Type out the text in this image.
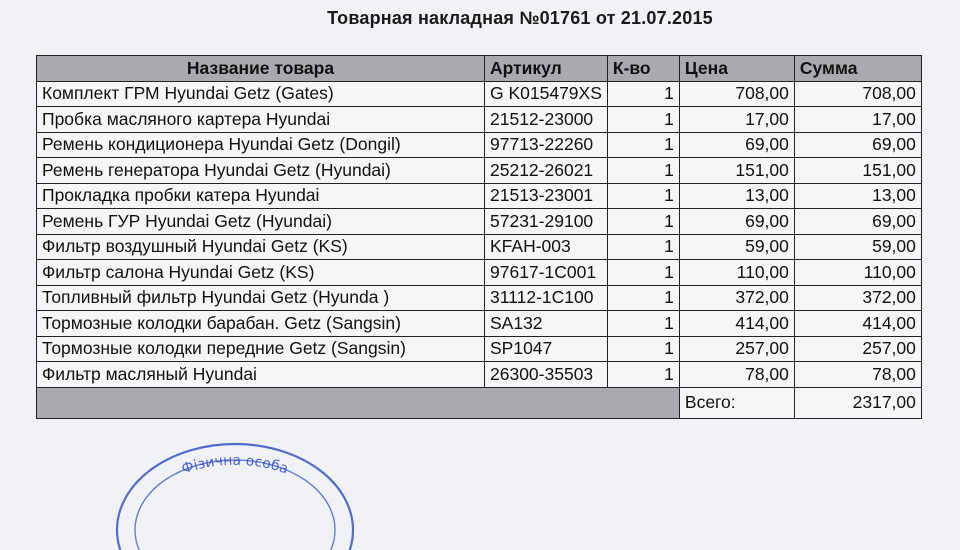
Товарная накладная №01761 от 21.07.2015
Название товара	Артикул	К-во	Цена	Сумма
Комплект ГРМ Hyundai Getz (Gates)	G K015479XS	1	708,00	708,00
Пробка масляного картера Hyundai	21512-23000	1	17,00	17,00
Ремень кондиционера Hyundai Getz (Dongil)	97713-22260	1	69,00	69,00
Ремень генератора Hyundai Getz (Hyundai)	25212-26021	1	151,00	151,00
Прокладка пробки катера Hyundai	21513-23001	1	13,00	13,00
Ремень ГУР Hyundai Getz (Hyundai)	57231-29100	1	69,00	69,00
Фильтр воздушный Hyundai Getz (KS)	KFAH-003	1	59,00	59,00
Фильтр салона Hyundai Getz (KS)	97617-1C001	1	110,00	110,00
Топливный фильтр Hyundai Getz (Hyunda )	31112-1C100	1	372,00	372,00
Тормозные колодки барабан. Getz (Sangsin)	SA132	1	414,00	414,00
Тормозные колодки передние Getz (Sangsin)	SP1047	1	257,00	257,00
Фильтр масляный Hyundai	26300-35503	1	78,00	78,00
			Всего:	2317,00
Фізична особа
